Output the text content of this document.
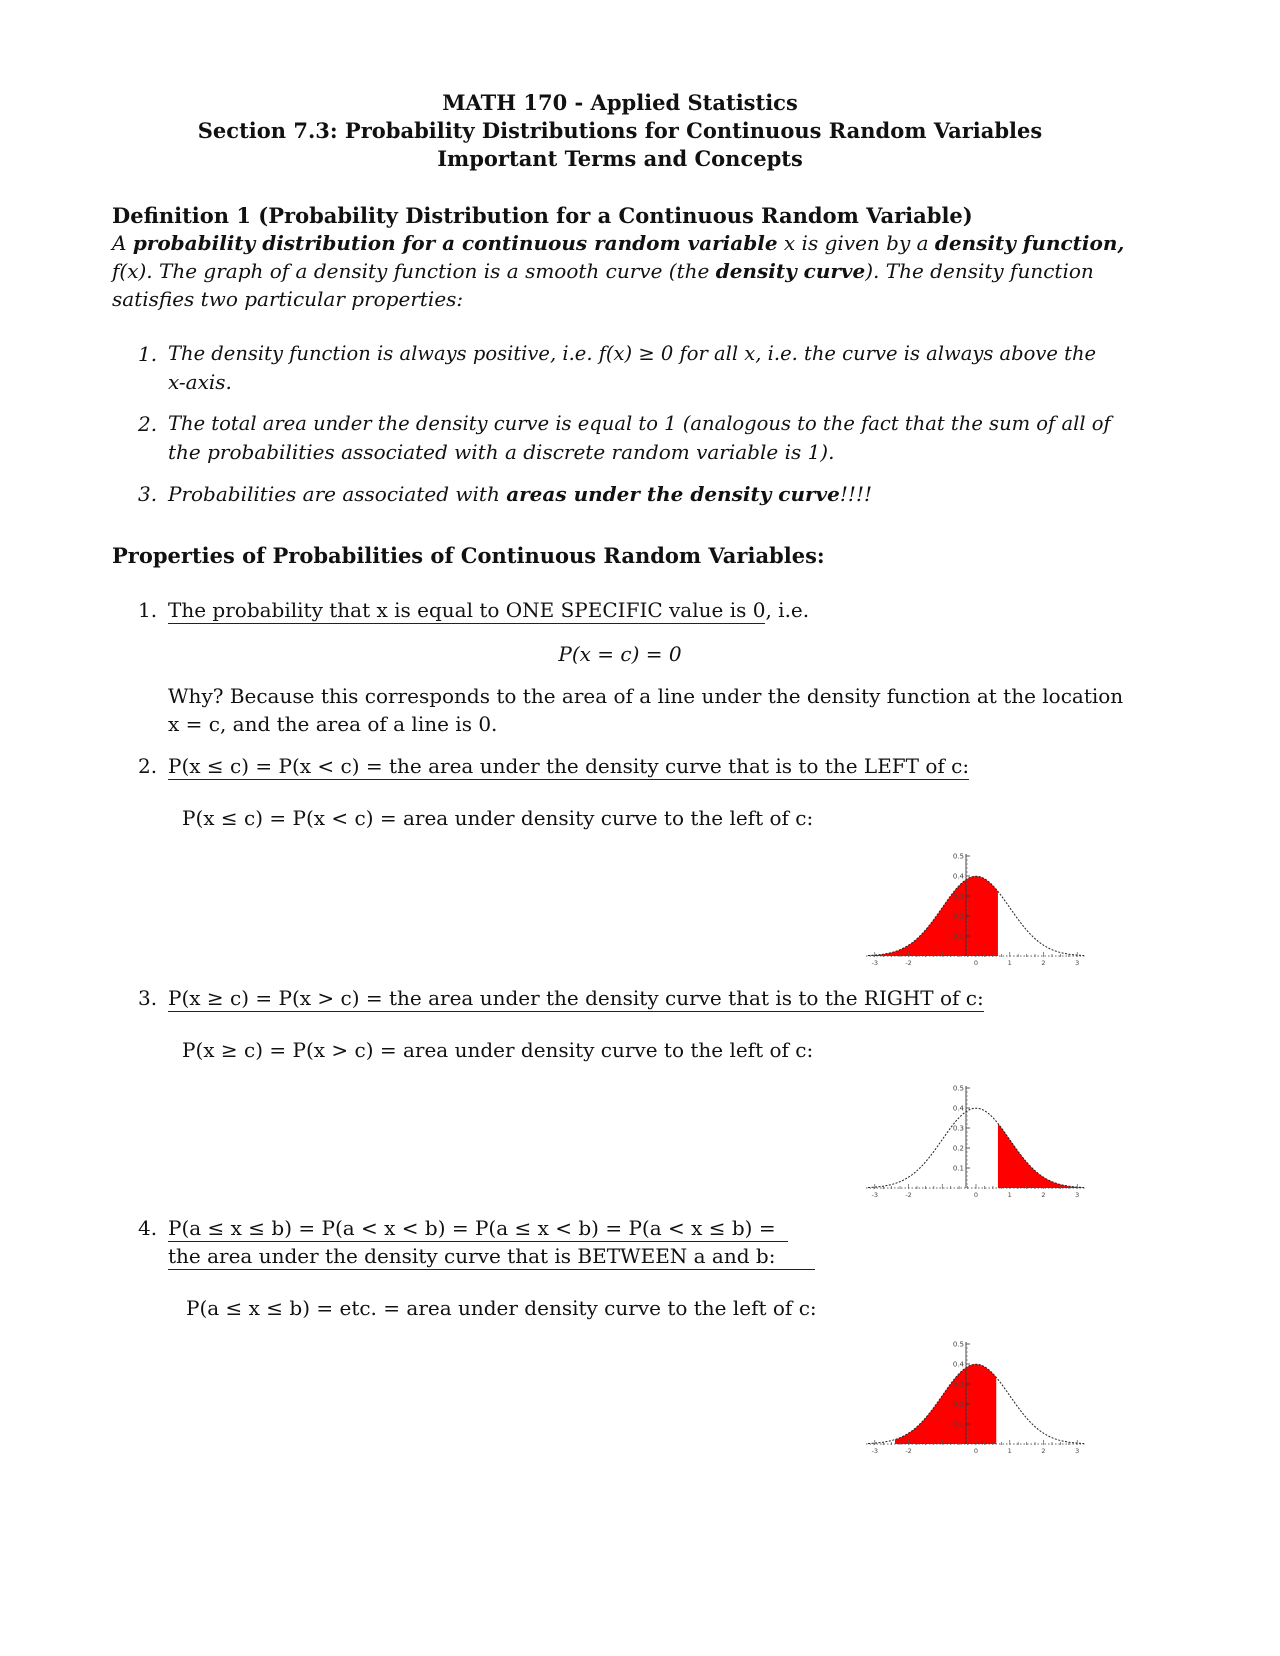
MATH 170 - Applied Statistics
Section 7.3: Probability Distributions for Continuous Random Variables
Important Terms and Concepts
Definition 1 (Probability Distribution for a Continuous Random Variable)
A probability distribution for a continuous random variable x is given by a density function,
f(x). The graph of a density function is a smooth curve (the density curve). The density function
satisfies two particular properties:
1. The density function is always positive, i.e. f(x) ≥ 0 for all x, i.e. the curve is always above the
x-axis.
2. The total area under the density curve is equal to 1 (analogous to the fact that the sum of all of
the probabilities associated with a discrete random variable is 1).
3. Probabilities are associated with areas under the density curve!!!!
Properties of Probabilities of Continuous Random Variables:
1. The probability that x is equal to ONE SPECIFIC value is 0, i.e.
P(x = c) = 0
Why? Because this corresponds to the area of a line under the density function at the location
x = c, and the area of a line is 0.
2. P(x ≤ c) = P(x < c) = the area under the density curve that is to the LEFT of c:
P(x ≤ c) = P(x < c) = area under density curve to the left of c:
3. P(x ≥ c) = P(x > c) = the area under the density curve that is to the RIGHT of c:
P(x ≥ c) = P(x > c) = area under density curve to the left of c:
4. P(a ≤ x ≤ b) = P(a < x < b) = P(a ≤ x < b) = P(a < x ≤ b) =
the area under the density curve that is BETWEEN a and b:
P(a ≤ x ≤ b) = etc. = area under density curve to the left of c:
0.5
0.4
0.3
0.2
0.1
-3	-2	0	1	2	3
0.5
0.4
0.3
0.2
0.1
-3	-2	0	1	2	3
0.5
0.4
0.3
0.2
0.1
-3	-2	0	1	2	3
